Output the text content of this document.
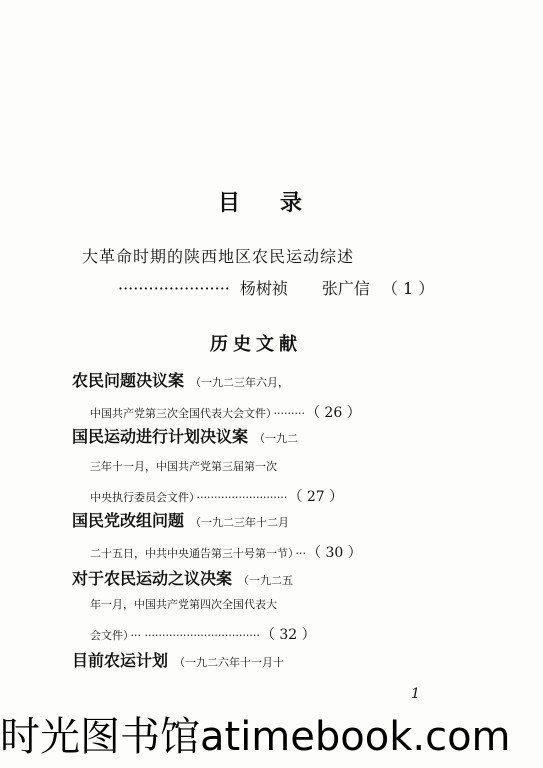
目录
大革命时期的陕西地区农民运动综述
······················ 杨树祯 张广信 （ 1 ）
历史文献
农民问题决议案 （一九二三年六月，
中国共产党第三次全国代表大会文件） ········· （ 26 ）
国民运动进行计划决议案 （一九二
三年十一月，中国共产党第三届第一次
中央执行委员会文件） ·························· （ 27 ）
国民党改组问题 （一九二三年十二月
二十五日，中共中央通告第三十号第一节） ··· （ 30 ）
对于农民运动之议决案 （一九二五
年一月，中国共产党第四次全国代表大
会文件） ··· ································· （ 32 ）
目前农运计划 （一九二六年十一月十
1
时光图书馆atimebook.com
